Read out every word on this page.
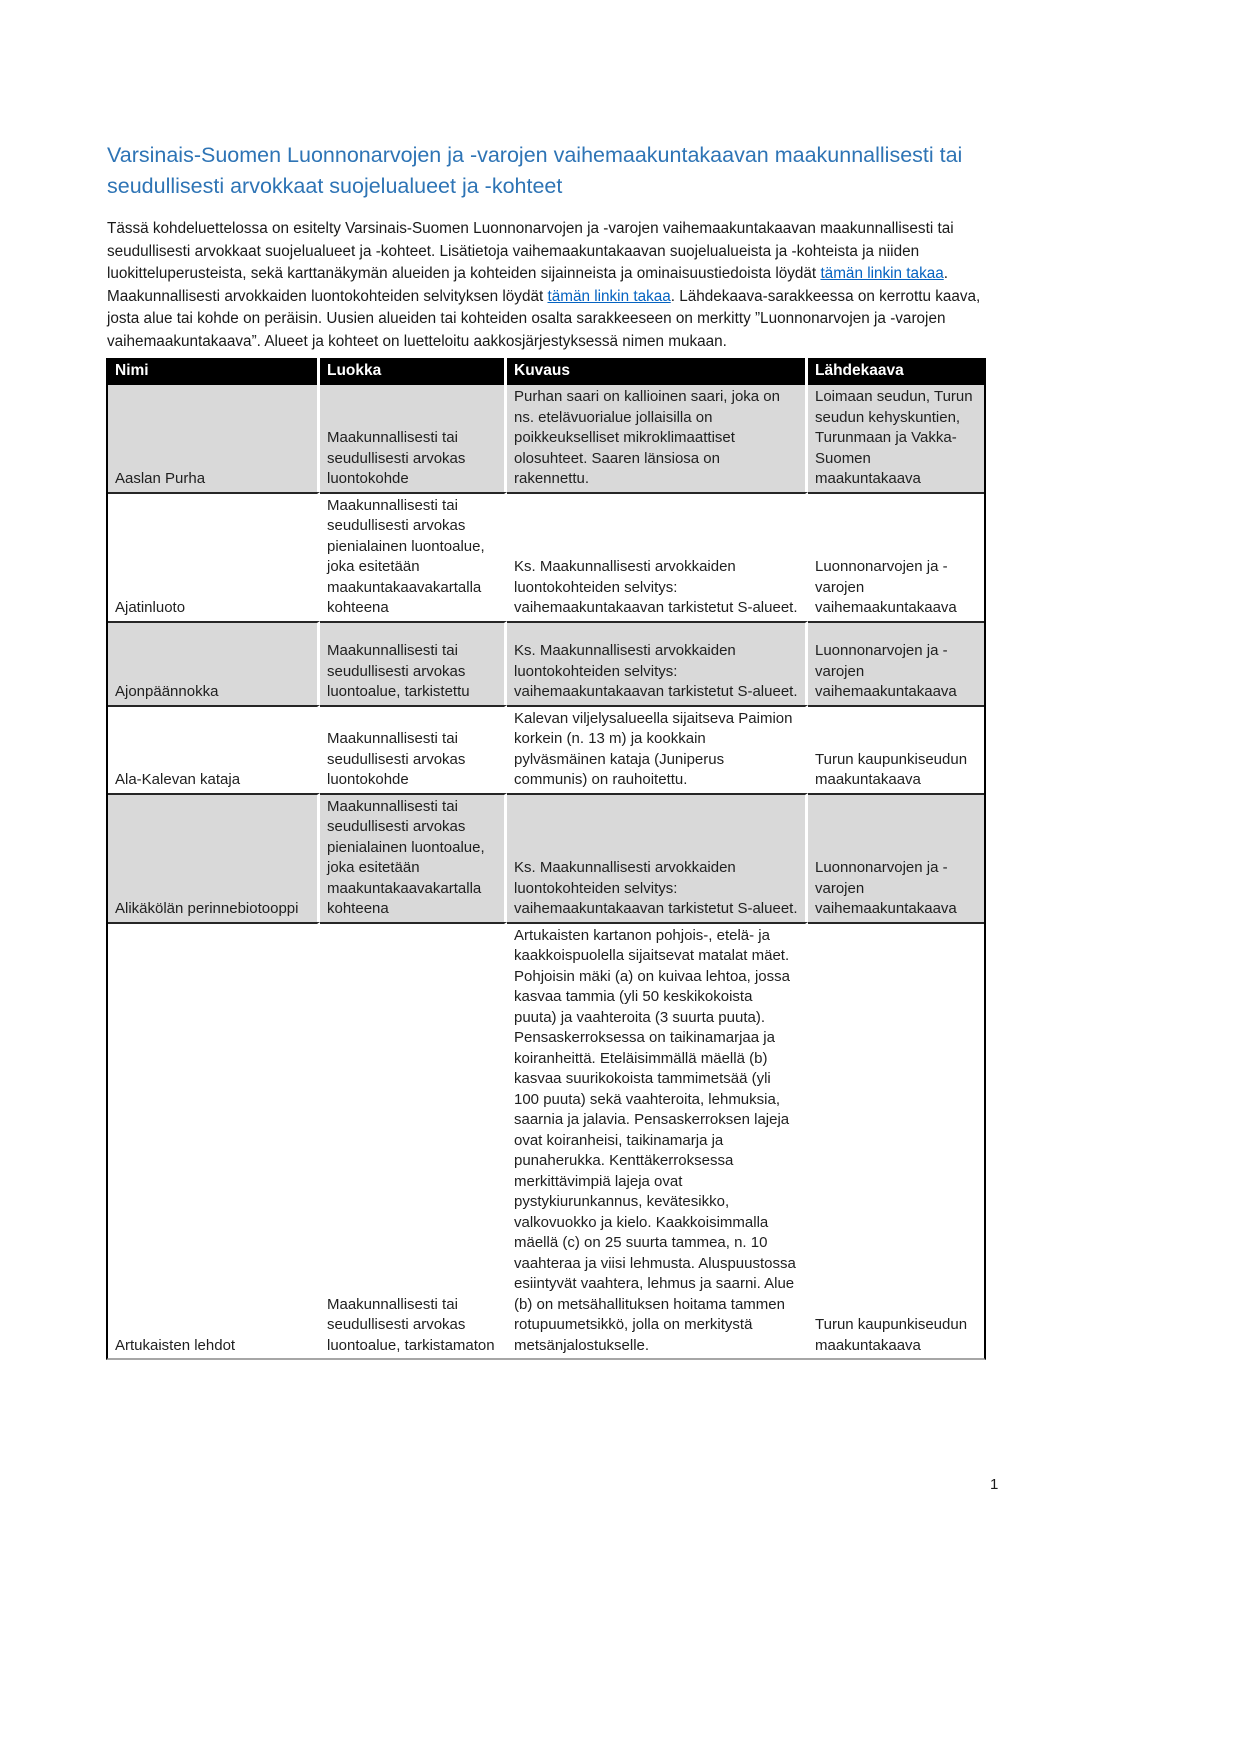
Varsinais-Suomen Luonnonarvojen ja -varojen vaihemaakuntakaavan maakunnallisesti tai seudullisesti arvokkaat suojelualueet ja -kohteet

Tässä kohdeluettelossa on esitelty Varsinais-Suomen Luonnonarvojen ja -varojen vaihemaakuntakaavan maakunnallisesti tai seudullisesti arvokkaat suojelualueet ja -kohteet. Lisätietoja vaihemaakuntakaavan suojelualueista ja -kohteista ja niiden luokitteluperusteista, sekä karttanäkymän alueiden ja kohteiden sijainneista ja ominaisuustiedoista löydät tämän linkin takaa. Maakunnallisesti arvokkaiden luontokohteiden selvityksen löydät tämän linkin takaa. Lähdekaava-sarakkeessa on kerrottu kaava, josta alue tai kohde on peräisin. Uusien alueiden tai kohteiden osalta sarakkeeseen on merkitty ”Luonnonarvojen ja -varojen vaihemaakuntakaava”. Alueet ja kohteet on luetteloitu aakkosjärjestyksessä nimen mukaan.

Nimi	Luokka	Kuvaus	Lähdekaava
Aaslan Purha	Maakunnallisesti tai seudullisesti arvokas luontokohde	Purhan saari on kallioinen saari, joka on ns. etelävuorialue jollaisilla on poikkeukselliset mikroklimaattiset olosuhteet. Saaren länsiosa on rakennettu.	Loimaan seudun, Turun seudun kehyskuntien, Turunmaan ja Vakka-Suomen maakuntakaava
Ajatinluoto	Maakunnallisesti tai seudullisesti arvokas pienialainen luontoalue, joka esitetään maakuntakaavakartalla kohteena	Ks. Maakunnallisesti arvokkaiden luontokohteiden selvitys: vaihemaakuntakaavan tarkistetut S-alueet.	Luonnonarvojen ja -varojen vaihemaakuntakaava
Ajonpäännokka	Maakunnallisesti tai seudullisesti arvokas luontoalue, tarkistettu	Ks. Maakunnallisesti arvokkaiden luontokohteiden selvitys: vaihemaakuntakaavan tarkistetut S-alueet.	Luonnonarvojen ja -varojen vaihemaakuntakaava
Ala-Kalevan kataja	Maakunnallisesti tai seudullisesti arvokas luontokohde	Kalevan viljelysalueella sijaitseva Paimion korkein (n. 13 m) ja kookkain pylväsmäinen kataja (Juniperus communis) on rauhoitettu.	Turun kaupunkiseudun maakuntakaava
Alikäkölän perinnebiotooppi	Maakunnallisesti tai seudullisesti arvokas pienialainen luontoalue, joka esitetään maakuntakaavakartalla kohteena	Ks. Maakunnallisesti arvokkaiden luontokohteiden selvitys: vaihemaakuntakaavan tarkistetut S-alueet.	Luonnonarvojen ja -varojen vaihemaakuntakaava
Artukaisten lehdot	Maakunnallisesti tai seudullisesti arvokas luontoalue, tarkistamaton	Artukaisten kartanon pohjois-, etelä- ja kaakkoispuolella sijaitsevat matalat mäet. Pohjoisin mäki (a) on kuivaa lehtoa, jossa kasvaa tammia (yli 50 keskikokoista puuta) ja vaahteroita (3 suurta puuta). Pensaskerroksessa on taikinamarjaa ja koiranheittä. Eteläisimmällä mäellä (b) kasvaa suurikokoista tammimetsää (yli 100 puuta) sekä vaahteroita, lehmuksia, saarnia ja jalavia. Pensaskerroksen lajeja ovat koiranheisi, taikinamarja ja punaherukka. Kenttäkerroksessa merkittävimpiä lajeja ovat pystykiurunkannus, kevätesikko, valkovuokko ja kielo. Kaakkoisimmalla mäellä (c) on 25 suurta tammea, n. 10 vaahteraa ja viisi lehmusta. Aluspuustossa esiintyvät vaahtera, lehmus ja saarni. Alue (b) on metsähallituksen hoitama tammen rotupuumetsikkö, jolla on merkitystä metsänjalostukselle.	Turun kaupunkiseudun maakuntakaava
1
